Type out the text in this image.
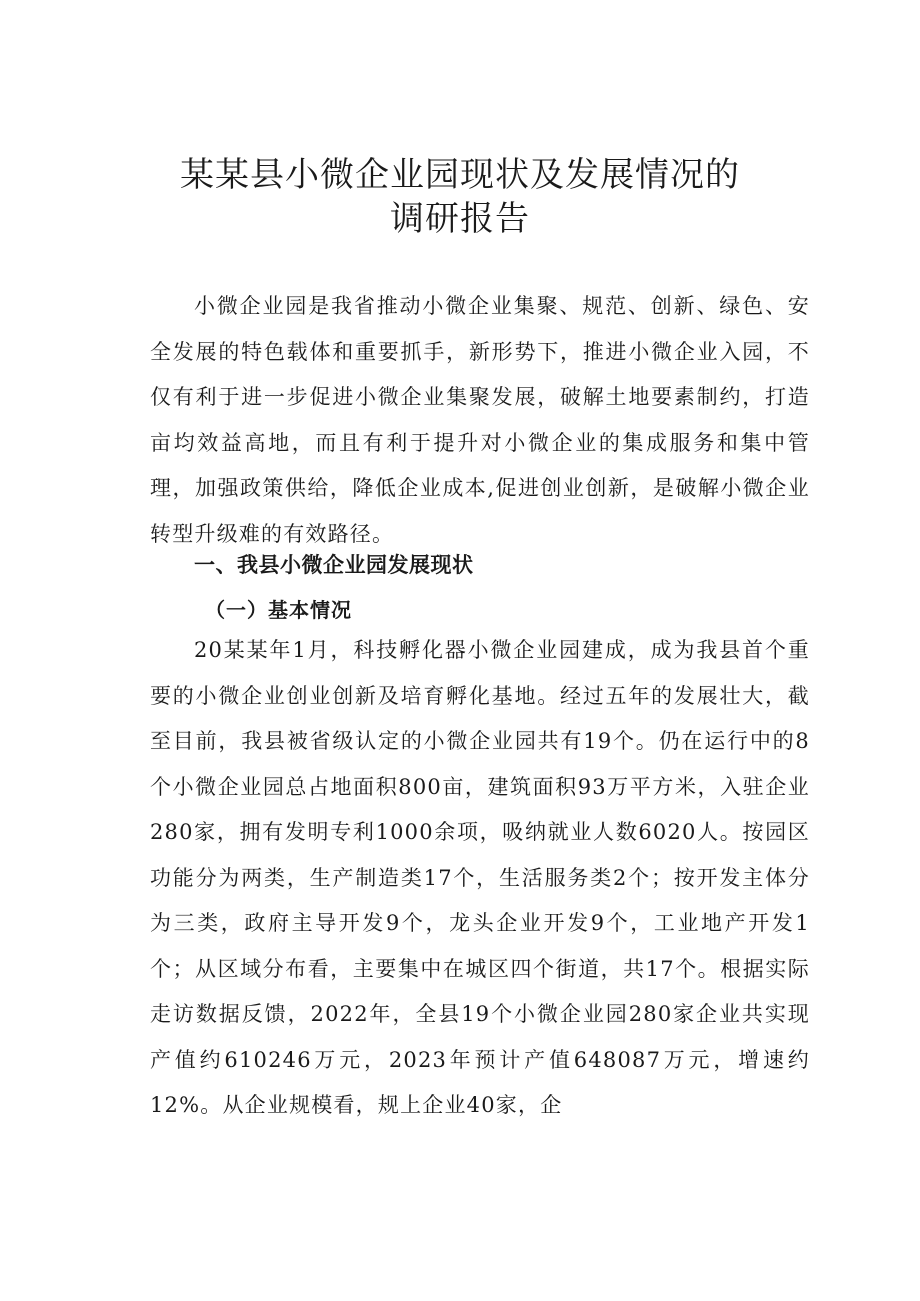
某某县小微企业园现状及发展情况的
调研报告

小微企业园是我省推动小微企业集聚、规范、创新、绿色、安全发展的特色载体和重要抓手，新形势下，推进小微企业入园，不仅有利于进一步促进小微企业集聚发展，破解土地要素制约，打造亩均效益高地，而且有利于提升对小微企业的集成服务和集中管理，加强政策供给，降低企业成本,促进创业创新，是破解小微企业转型升级难的有效路径。

一、我县小微企业园发展现状
（一）基本情况

20某某年1月，科技孵化器小微企业园建成，成为我县首个重要的小微企业创业创新及培育孵化基地。经过五年的发展壮大，截至目前，我县被省级认定的小微企业园共有19个。仍在运行中的8个小微企业园总占地面积800亩，建筑面积93万平方米，入驻企业280家，拥有发明专利1000余项，吸纳就业人数6020人。按园区功能分为两类，生产制造类17个，生活服务类2个；按开发主体分为三类，政府主导开发9个，龙头企业开发9个，工业地产开发1个；从区域分布看，主要集中在城区四个街道，共17个。根据实际走访数据反馈，2022年，全县19个小微企业园280家企业共实现产值约610246万元，2023年预计产值648087万元，增速约12%。从企业规模看，规上企业40家，企
